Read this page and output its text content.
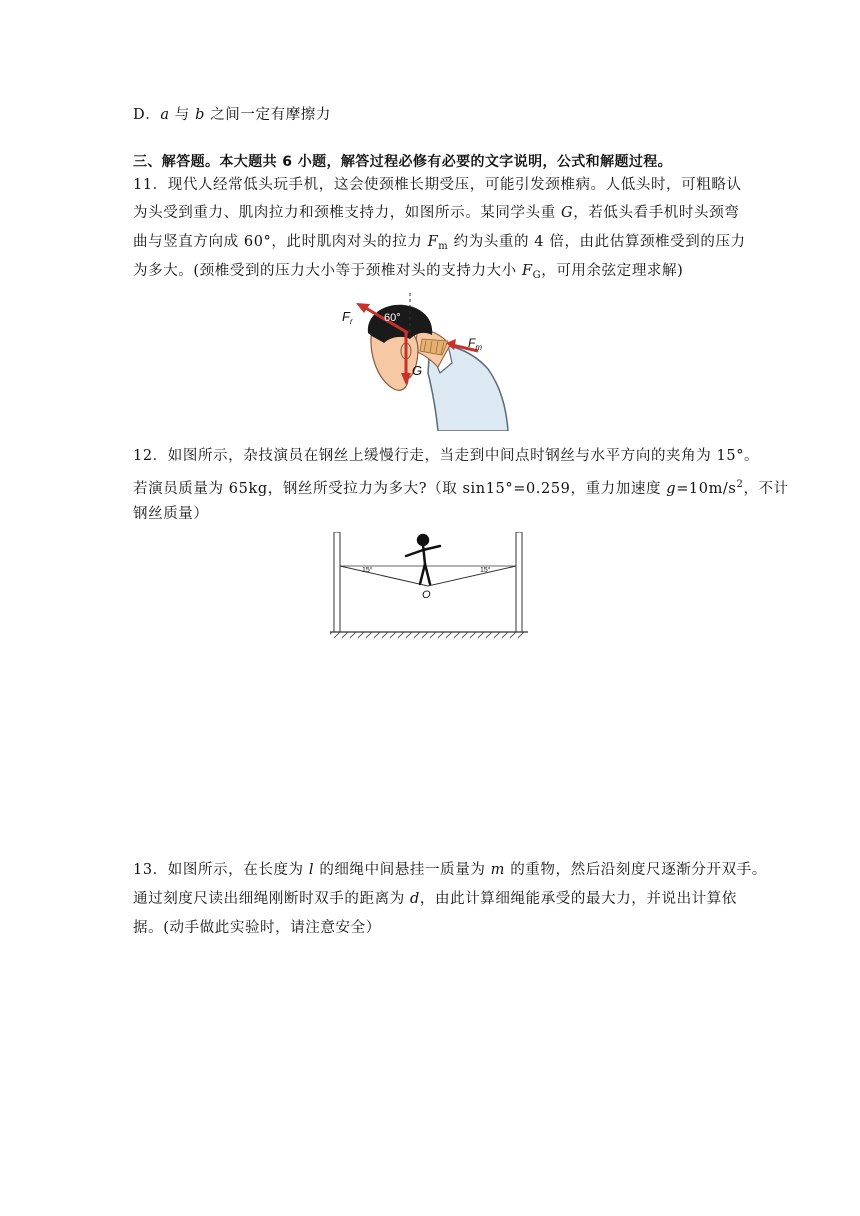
D．a 与 b 之间一定有摩擦力
三、解答题。本大题共 6 小题，解答过程必修有必要的文字说明，公式和解题过程。
11．现代人经常低头玩手机，这会使颈椎长期受压，可能引发颈椎病。人低头时，可粗略认
为头受到重力、肌肉拉力和颈椎支持力，如图所示。某同学头重 G，若低头看手机时头颈弯
曲与竖直方向成 60°，此时肌肉对头的拉力 $F_m$ 约为头重的 4 倍，由此估算颈椎受到的压力
为多大。(颈椎受到的压力大小等于颈椎对头的支持力大小 $F_G$，可用余弦定理求解)
$F_r$	60°
$F_m$
G
12．如图所示，杂技演员在钢丝上缓慢行走，当走到中间点时钢丝与水平方向的夹角为 15°。
若演员质量为 65kg，钢丝所受拉力为多大?（取 sin15°=0.259，重力加速度 $g=10m/s^2$，不计
钢丝质量）
15°	15°
O
13．如图所示，在长度为 l 的细绳中间悬挂一质量为 m 的重物，然后沿刻度尺逐渐分开双手。
通过刻度尺读出细绳刚断时双手的距离为 d，由此计算细绳能承受的最大力，并说出计算依
据。(动手做此实验时，请注意安全）
